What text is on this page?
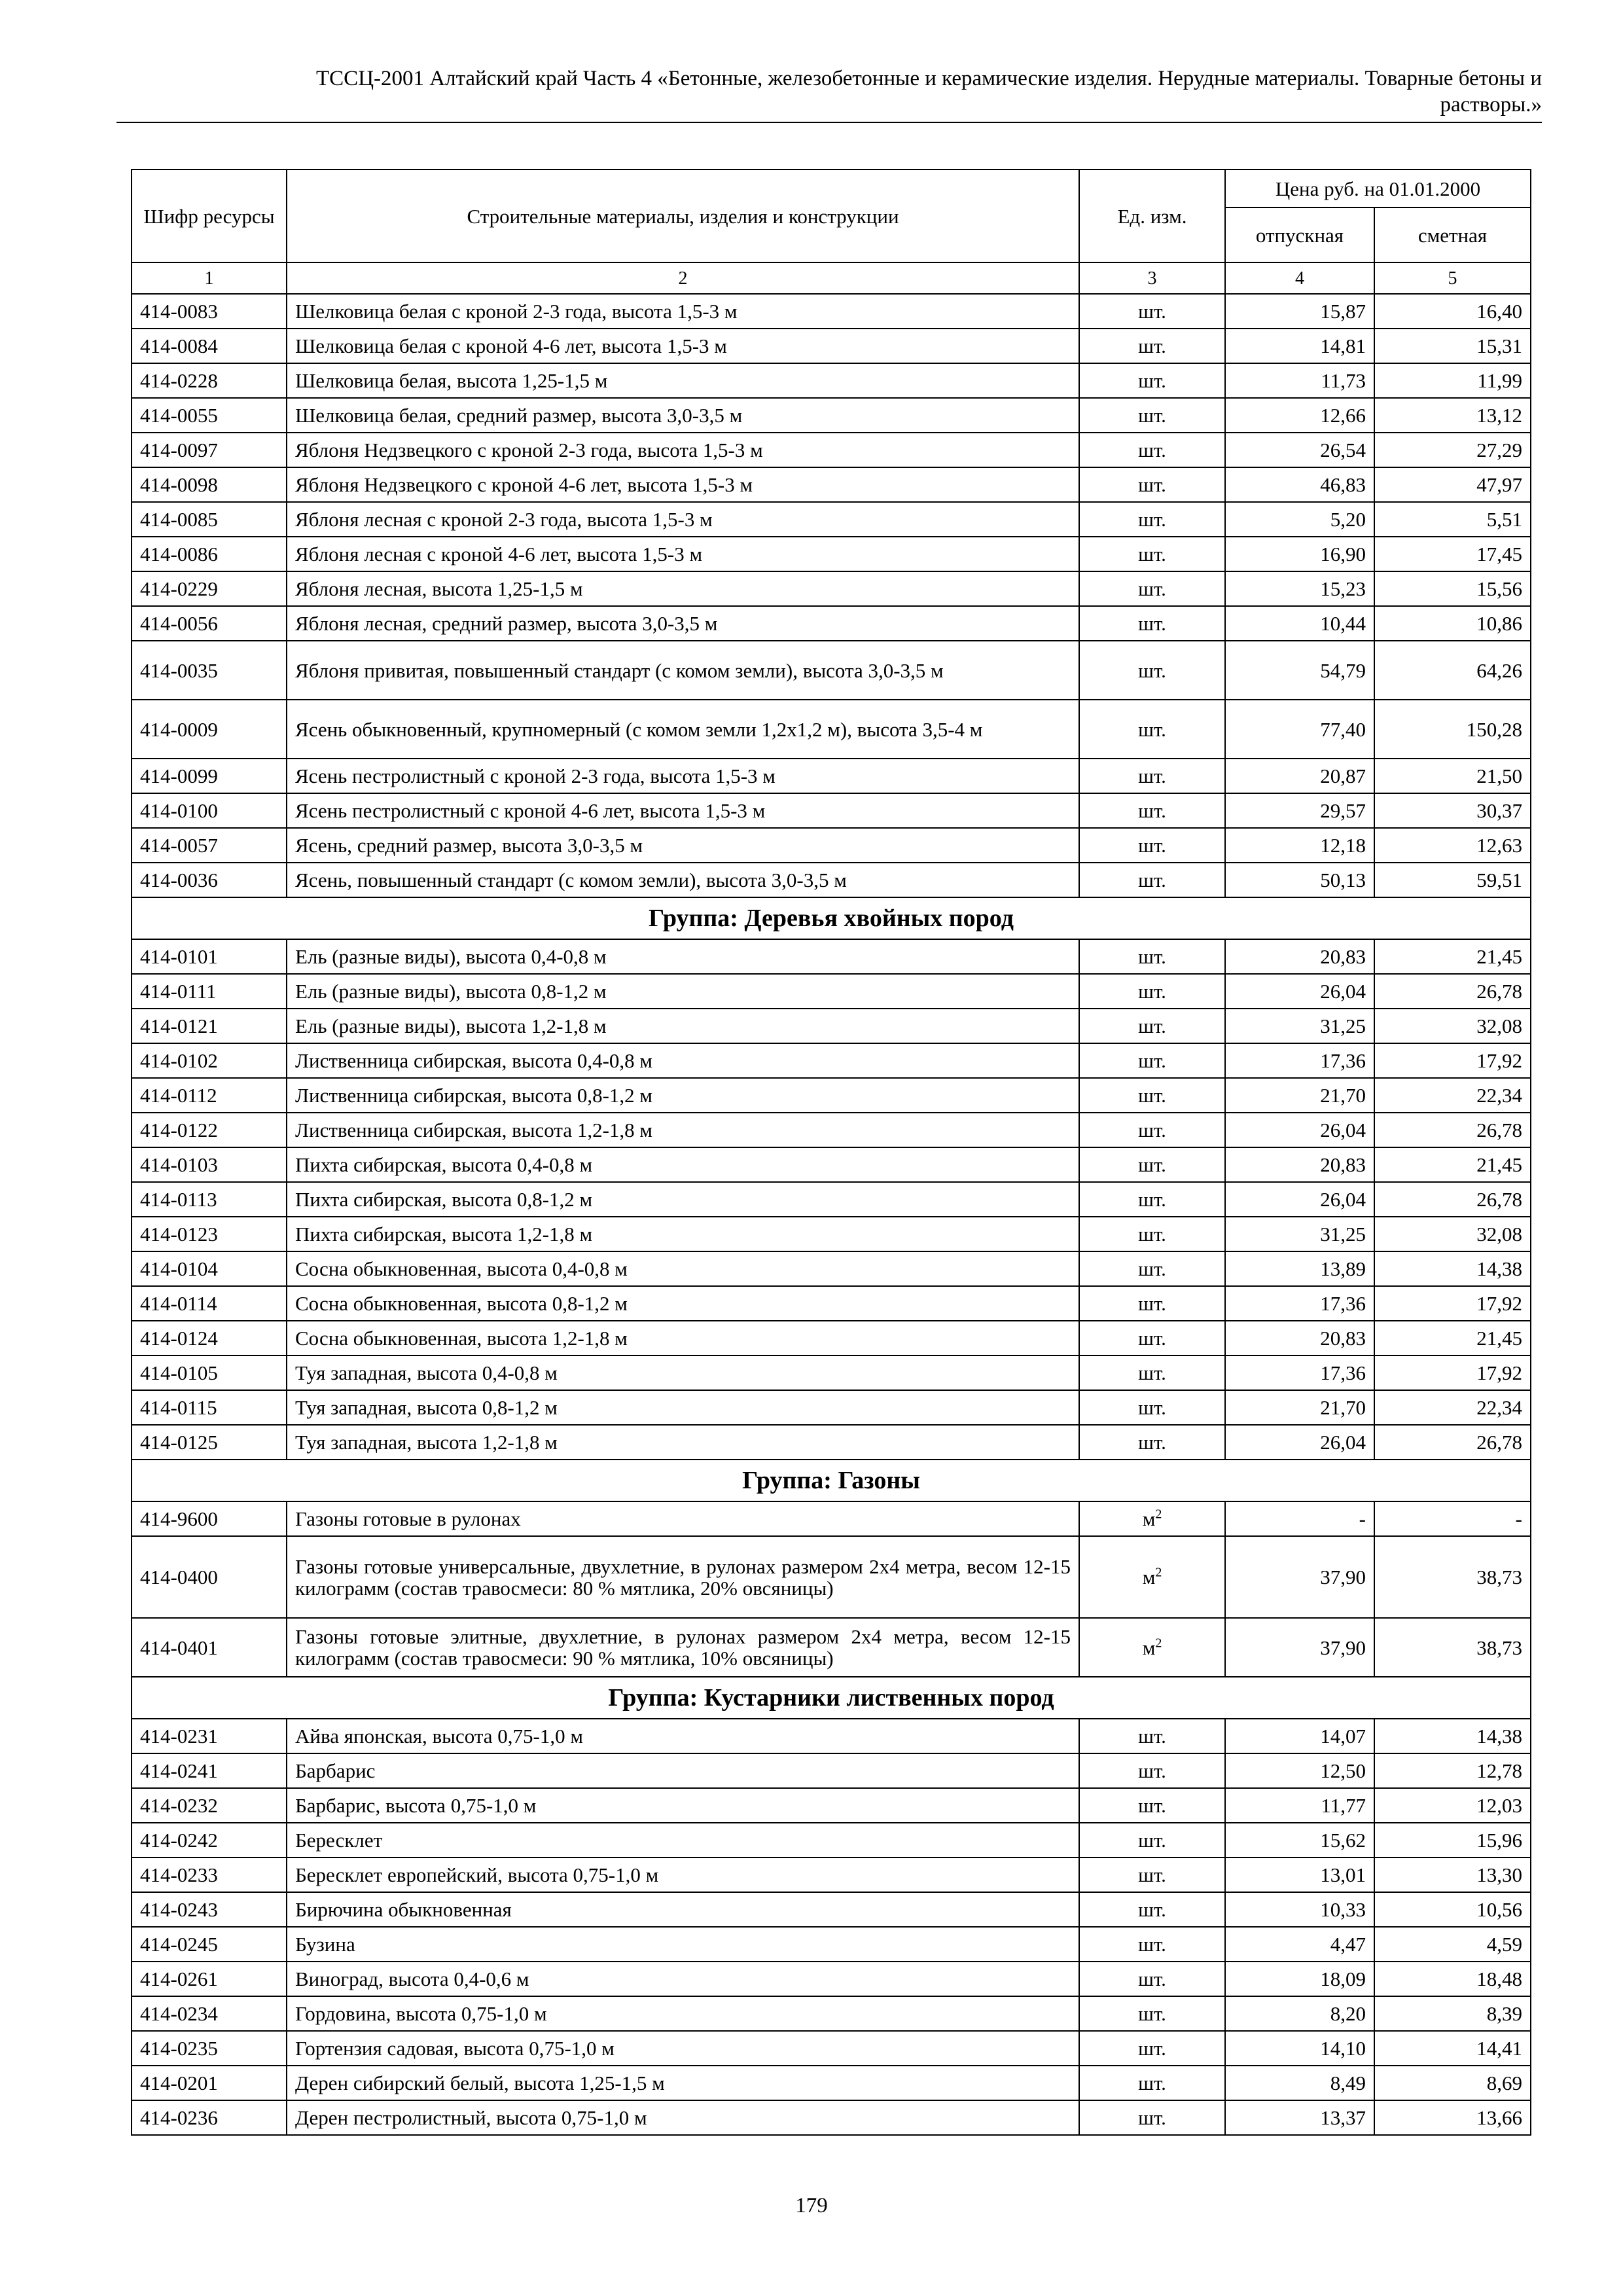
ТССЦ-2001 Алтайский край Часть 4 «Бетонные, железобетонные и керамические изделия. Нерудные материалы. Товарные бетоны и
растворы.»
Шифр ресурсы	Строительные материалы, изделия и конструкции	Ед. изм.	Цена руб. на 01.01.2000	
			отпускная	сметная
1	2	3	4	5
414-0083	Шелковица белая с кроной 2-3 года, высота 1,5-3 м	шт.	15,87	16,40
414-0084	Шелковица белая с кроной 4-6 лет, высота 1,5-3 м	шт.	14,81	15,31
414-0228	Шелковица белая, высота 1,25-1,5 м	шт.	11,73	11,99
414-0055	Шелковица белая, средний размер, высота 3,0-3,5 м	шт.	12,66	13,12
414-0097	Яблоня Недзвецкого с кроной 2-3 года, высота 1,5-3 м	шт.	26,54	27,29
414-0098	Яблоня Недзвецкого с кроной 4-6 лет, высота 1,5-3 м	шт.	46,83	47,97
414-0085	Яблоня лесная с кроной 2-3 года, высота 1,5-3 м	шт.	5,20	5,51
414-0086	Яблоня лесная с кроной 4-6 лет, высота 1,5-3 м	шт.	16,90	17,45
414-0229	Яблоня лесная, высота 1,25-1,5 м	шт.	15,23	15,56
414-0056	Яблоня лесная, средний размер, высота 3,0-3,5 м	шт.	10,44	10,86
414-0035	Яблоня привитая, повышенный стандарт (с комом земли), высота 3,0-3,5 м	шт.	54,79	64,26
414-0009	Ясень обыкновенный, крупномерный (с комом земли 1,2х1,2 м), высота 3,5-4 м	шт.	77,40	150,28
414-0099	Ясень пестролистный с кроной 2-3 года, высота 1,5-3 м	шт.	20,87	21,50
414-0100	Ясень пестролистный с кроной 4-6 лет, высота 1,5-3 м	шт.	29,57	30,37
414-0057	Ясень, средний размер, высота 3,0-3,5 м	шт.	12,18	12,63
414-0036	Ясень, повышенный стандарт (с комом земли), высота 3,0-3,5 м	шт.	50,13	59,51
Группа: Деревья хвойных пород				
414-0101	Ель (разные виды), высота 0,4-0,8 м	шт.	20,83	21,45
414-0111	Ель (разные виды), высота 0,8-1,2 м	шт.	26,04	26,78
414-0121	Ель (разные виды), высота 1,2-1,8 м	шт.	31,25	32,08
414-0102	Лиственница сибирская, высота 0,4-0,8 м	шт.	17,36	17,92
414-0112	Лиственница сибирская, высота 0,8-1,2 м	шт.	21,70	22,34
414-0122	Лиственница сибирская, высота 1,2-1,8 м	шт.	26,04	26,78
414-0103	Пихта сибирская, высота 0,4-0,8 м	шт.	20,83	21,45
414-0113	Пихта сибирская, высота 0,8-1,2 м	шт.	26,04	26,78
414-0123	Пихта сибирская, высота 1,2-1,8 м	шт.	31,25	32,08
414-0104	Сосна обыкновенная, высота 0,4-0,8 м	шт.	13,89	14,38
414-0114	Сосна обыкновенная, высота 0,8-1,2 м	шт.	17,36	17,92
414-0124	Сосна обыкновенная, высота 1,2-1,8 м	шт.	20,83	21,45
414-0105	Туя западная, высота 0,4-0,8 м	шт.	17,36	17,92
414-0115	Туя западная, высота 0,8-1,2 м	шт.	21,70	22,34
414-0125	Туя западная, высота 1,2-1,8 м	шт.	26,04	26,78
Группа: Газоны				
414-9600	Газоны готовые в рулонах	$м^2$	-	-
414-0400	Газоны готовые универсальные, двухлетние, в рулонах размером 2х4 метра, весом 12-15 килограмм (состав травосмеси: 80 % мятлика, 20% овсяницы)	$м^2$	37,90	38,73
414-0401	Газоны готовые элитные, двухлетние, в рулонах размером 2х4 метра, весом 12-15 килограмм (состав травосмеси: 90 % мятлика, 10% овсяницы)	$м^2$	37,90	38,73
Группа: Кустарники лиственных пород				
414-0231	Айва японская, высота 0,75-1,0 м	шт.	14,07	14,38
414-0241	Барбарис	шт.	12,50	12,78
414-0232	Барбарис, высота 0,75-1,0 м	шт.	11,77	12,03
414-0242	Бересклет	шт.	15,62	15,96
414-0233	Бересклет европейский, высота 0,75-1,0 м	шт.	13,01	13,30
414-0243	Бирючина обыкновенная	шт.	10,33	10,56
414-0245	Бузина	шт.	4,47	4,59
414-0261	Виноград, высота 0,4-0,6 м	шт.	18,09	18,48
414-0234	Гордовина, высота 0,75-1,0 м	шт.	8,20	8,39
414-0235	Гортензия садовая, высота 0,75-1,0 м	шт.	14,10	14,41
414-0201	Дерен сибирский белый, высота 1,25-1,5 м	шт.	8,49	8,69
414-0236	Дерен пестролистный, высота 0,75-1,0 м	шт.	13,37	13,66
179
